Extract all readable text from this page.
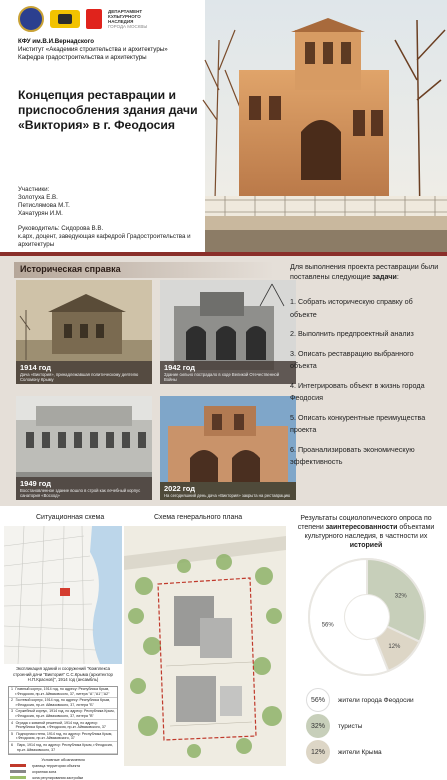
ДЕПАРТАМЕНТ КУЛЬТУРНОГО НАСЛЕДИЯ
ГОРОДА МОСКВЫ
КФУ им.В.И.Вернадского
Институт «Академия строительства и архитектуры»
Кафедра градостроительства и архитектуры
Концепция реставрации и приспособления здания дачи «Виктория» в г. Феодосия
Участники:
Золотуха Е.В.
Петислямова М.Т.
Хачатурян И.М.
Руководитель: Сидорова В.В.
к.арх, доцент, заведующая кафедрой Градостроительства и архитектуры
Историческая справка
1914 год
Дача «Виктория», принадлежавшая политическому деятелю Соломону Крыму
1942 год
Здание сильно пострадало в ходе Великой Отечественной Войны
1949 год
Восстановленное здание вошло в строй как лечебный корпус санатория «Восход»
2022 год
На сегодняшний день дача «Виктория» закрыта на реставрацию
Для выполнения проекта реставрации были поставлены следующие задачи:
1. Собрать историческую справку об объекте
2. Выполнить предпроектный анализ
3. Описать реставрацию выбранного объекта
4. Интегрировать объект в жизнь города Феодосия
5. Описать конкурентные преимущества проекта
6. Проанализировать экономическую эффективность
Ситуационная схема	Схема генерального плана
Экспликация зданий и сооружений "Комплекса строений дачи "Виктория" С.С.Крыма (архитектор Н.П.Краснов)", 1914 год (ансамбль)
1 Главный корпус, 1914 год, по адресу: Республика Крым, г.Феодосия, пр-кт. Айвазовского, 37, литера "А","А1","А2"
2 Гостевой корпус, 1914 год, по адресу: Республика Крым, г.Феодосия, пр-кт. Айвазовского, 37, литера "Б"
3 Служебный корпус, 1914 год, по адресу: Республика Крым, г.Феодосия, пр-кт. Айвазовского, 37, литера "В"
4 Ограда с кованой решеткой, 1914 год, по адресу: Республика Крым, г.Феодосия, пр-кт. Айвазовского, 37
5 Подпорная стена, 1914 год, по адресу: Республика Крым, г.Феодосия, пр-кт. Айвазовского, 37
6	Парк, 1914 год, по адресу: Республика Крым, г.Феодосия, пр-кт. Айвазовского, 37
Условные обозначения
граница территории объекта
охранная зона
зона регулирования застройки
Результаты социологического опроса по степени заинтересованности объектами культурного наследия, в частности их историей
56%
32%
12%
56%	жители города Феодосии
32%	туристы
12%	жители Крыма
